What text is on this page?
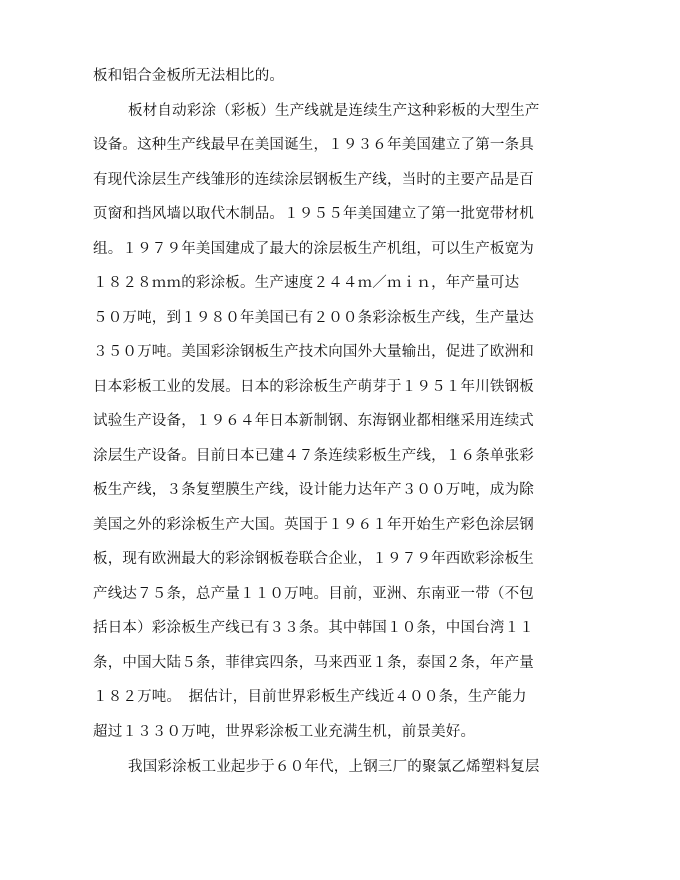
板和铝合金板所无法相比的。
板材自动彩涂（彩板）生产线就是连续生产这种彩板的大型生产
设备。这种生产线最早在美国诞生，１９３６年美国建立了第一条具
有现代涂层生产线雏形的连续涂层钢板生产线，当时的主要产品是百
页窗和挡风墙以取代木制品。１９５５年美国建立了第一批宽带材机
组。１９７９年美国建成了最大的涂层板生产机组，可以生产板宽为
１８２８ｍｍ的彩涂板。生产速度２４４ｍ／ｍｉｎ，年产量可达
５０万吨，到１９８０年美国已有２００条彩涂板生产线，生产量达
３５０万吨。美国彩涂钢板生产技术向国外大量输出，促进了欧洲和
日本彩板工业的发展。日本的彩涂板生产萌芽于１９５１年川铁钢板
试验生产设备，１９６４年日本新制钢、东海钢业都相继采用连续式
涂层生产设备。目前日本已建４７条连续彩板生产线，１６条单张彩
板生产线，３条复塑膜生产线，设计能力达年产３００万吨，成为除
美国之外的彩涂板生产大国。英国于１９６１年开始生产彩色涂层钢
板，现有欧洲最大的彩涂钢板卷联合企业，１９７９年西欧彩涂板生
产线达７５条，总产量１１０万吨。目前，亚洲、东南亚一带（不包
括日本）彩涂板生产线已有３３条。其中韩国１０条，中国台湾１１
条，中国大陆５条，菲律宾四条，马来西亚１条，泰国２条，年产量
１８２万吨。　据估计，目前世界彩板生产线近４００条，生产能力
超过１３３０万吨，世界彩涂板工业充满生机，前景美好。
我国彩涂板工业起步于６０年代，上钢三厂的聚氯乙烯塑料复层
